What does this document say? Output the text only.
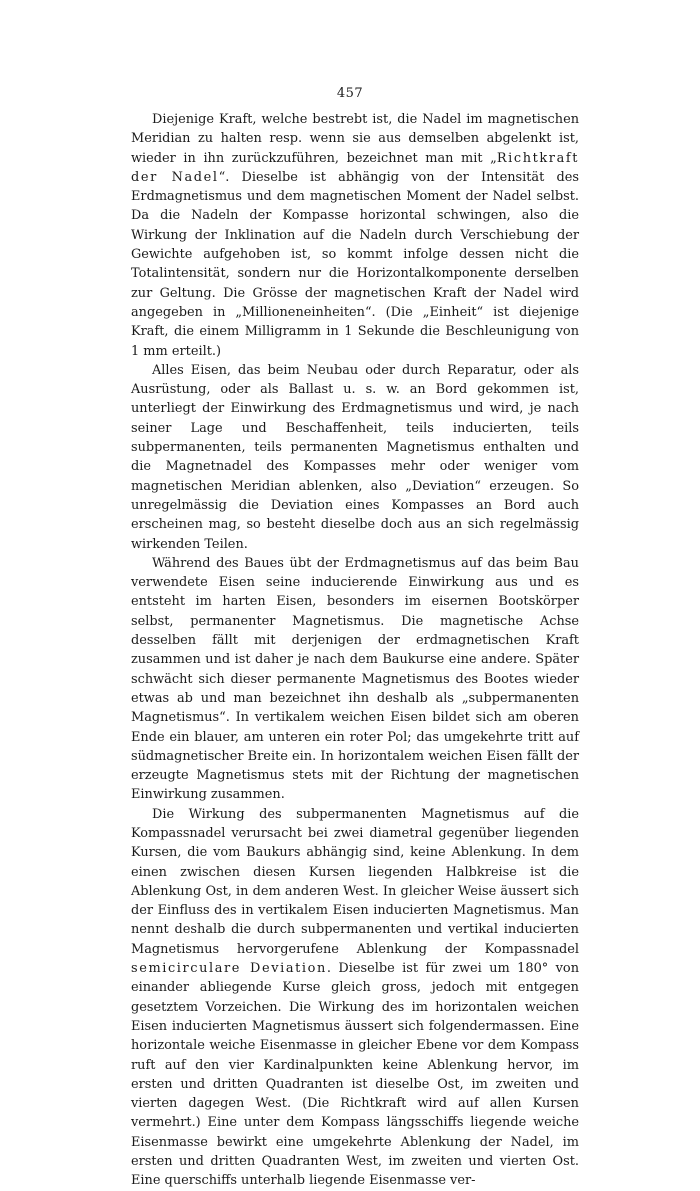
457

Diejenige Kraft, welche bestrebt ist, die Nadel im magnetischen Meridian zu halten resp. wenn sie aus demselben abgelenkt ist, wieder in ihn zurückzuführen, bezeichnet man mit „Richtkraft der Nadel“. Dieselbe ist abhängig von der Intensität des Erdmagnetismus und dem magnetischen Moment der Nadel selbst. Da die Nadeln der Kompasse horizontal schwingen, also die Wirkung der Inklination auf die Nadeln durch Verschiebung der Gewichte aufgehoben ist, so kommt infolge dessen nicht die Totalintensität, sondern nur die Horizontalkomponente derselben zur Geltung. Die Grösse der magnetischen Kraft der Nadel wird angegeben in „Millioneneinheiten“. (Die „Einheit“ ist diejenige Kraft, die einem Milligramm in 1 Sekunde die Beschleunigung von 1 mm erteilt.)

Alles Eisen, das beim Neubau oder durch Reparatur, oder als Ausrüstung, oder als Ballast u. s. w. an Bord gekommen ist, unterliegt der Einwirkung des Erdmagnetismus und wird, je nach seiner Lage und Beschaffenheit, teils inducierten, teils subpermanenten, teils permanenten Magnetismus enthalten und die Magnetnadel des Kompasses mehr oder weniger vom magnetischen Meridian ablenken, also „Deviation“ erzeugen. So unregelmässig die Deviation eines Kompasses an Bord auch erscheinen mag, so besteht dieselbe doch aus an sich regelmässig wirkenden Teilen.

Während des Baues übt der Erdmagnetismus auf das beim Bau verwendete Eisen seine inducierende Einwirkung aus und es entsteht im harten Eisen, besonders im eisernen Bootskörper selbst, permanenter Magnetismus. Die magnetische Achse desselben fällt mit derjenigen der erdmagnetischen Kraft zusammen und ist daher je nach dem Baukurse eine andere. Später schwächt sich dieser permanente Magnetismus des Bootes wieder etwas ab und man bezeichnet ihn deshalb als „subpermanenten Magnetismus“. In vertikalem weichen Eisen bildet sich am oberen Ende ein blauer, am unteren ein roter Pol; das umgekehrte tritt auf südmagnetischer Breite ein. In horizontalem weichen Eisen fällt der erzeugte Magnetismus stets mit der Richtung der magnetischen Einwirkung zusammen.

Die Wirkung des subpermanenten Magnetismus auf die Kompassnadel verursacht bei zwei diametral gegenüber liegenden Kursen, die vom Baukurs abhängig sind, keine Ablenkung. In dem einen zwischen diesen Kursen liegenden Halbkreise ist die Ablenkung Ost, in dem anderen West. In gleicher Weise äussert sich der Einfluss des in vertikalem Eisen inducierten Magnetismus. Man nennt deshalb die durch subpermanenten und vertikal inducierten Magnetismus hervorgerufene Ablenkung der Kompassnadel semicirculare Deviation. Dieselbe ist für zwei um 180° von einander abliegende Kurse gleich gross, jedoch mit entgegen gesetztem Vorzeichen. Die Wirkung des im horizontalen weichen Eisen inducierten Magnetismus äussert sich folgendermassen. Eine horizontale weiche Eisenmasse in gleicher Ebene vor dem Kompass ruft auf den vier Kardinalpunkten keine Ablenkung hervor, im ersten und dritten Quadranten ist dieselbe Ost, im zweiten und vierten dagegen West. (Die Richtkraft wird auf allen Kursen vermehrt.) Eine unter dem Kompass längsschiffs liegende weiche Eisenmasse bewirkt eine umgekehrte Ablenkung der Nadel, im ersten und dritten Quadranten West, im zweiten und vierten Ost. Eine querschiffs unterhalb liegende Eisenmasse ver-
